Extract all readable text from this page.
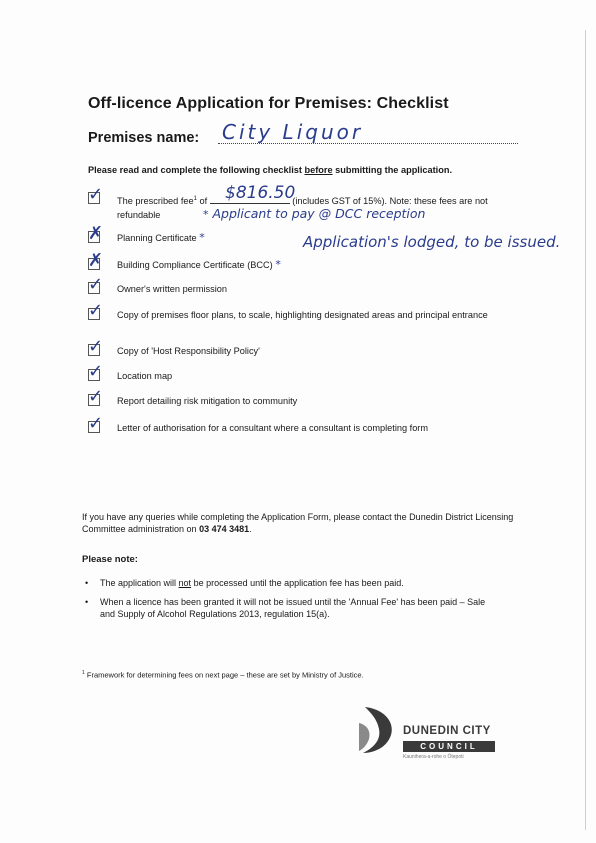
Off-licence Application for Premises: Checklist
Premises name: City Liquor
Please read and complete the following checklist before submitting the application.
✓ The prescribed fee$^1$ of	(includes GST of 15%). Note: these fees are not refundable
$816.50
* Applicant to pay @ DCC reception
✗ Planning Certificate *
✗ Building Compliance Certificate (BCC) *
Application's lodged, to be issued.
✓ Owner's written permission
✓ Copy of premises floor plans, to scale, highlighting designated areas and principal entrance
✓ Copy of 'Host Responsibility Policy'
✓ Location map
✓ Report detailing risk mitigation to community
✓ Letter of authorisation for a consultant where a consultant is completing form
If you have any queries while completing the Application Form, please contact the Dunedin District Licensing Committee administration on 03 474 3481.
Please note:
• The application will not be processed until the application fee has been paid.
• When a licence has been granted it will not be issued until the 'Annual Fee' has been paid – Sale and Supply of Alcohol Regulations 2013, regulation 15(a).
$^1$ Framework for determining fees on next page – these are set by Ministry of Justice.
DUNEDIN CITY
COUNCIL
Kaunihera-a-rohe o Ōtepoti
